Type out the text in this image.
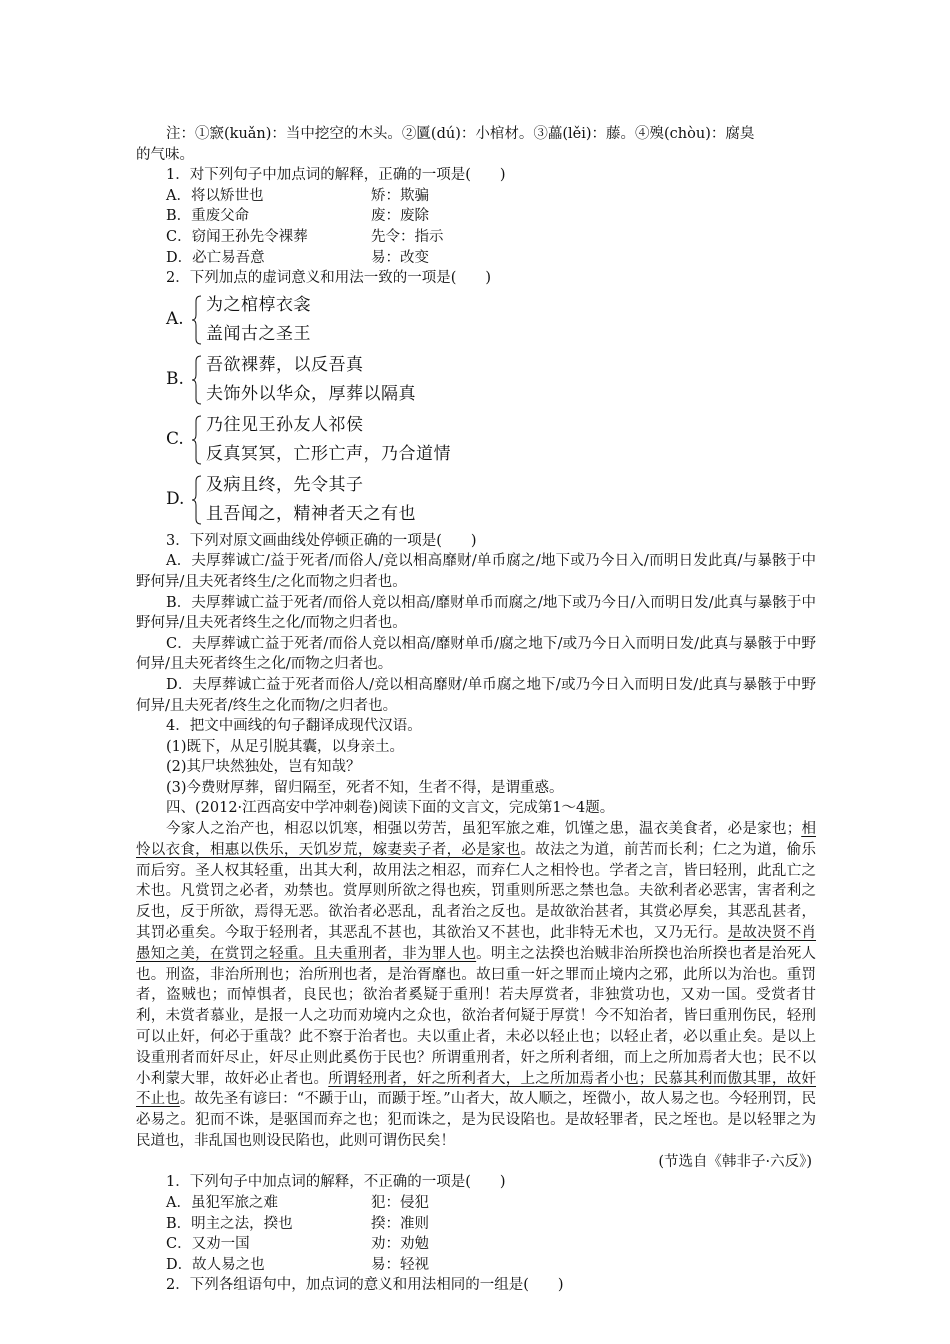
注：①窾(kuǎn)：当中挖空的木头。②匵(dú)：小棺材。③藟(lěi)：藤。④殠(chòu)：腐臭

的气味。

1．对下列句子中加点词的解释，正确的一项是(　　)

A．将以矫世也	矫：欺骗
B．重废父命	废：废除
C．窃闻王孙先令裸葬	先令：指示
D．必亡易吾意	易：改变

2．下列加点的虚词意义和用法一致的一项是(　　)

A.
为之棺椁衣衾
盖闻古之圣王
B.
吾欲裸葬，以反吾真
夫饰外以华众，厚葬以隔真
C.
乃往见王孙友人祁侯
反真冥冥，亡形亡声，乃合道情
D.
及病且终，先令其子
且吾闻之，精神者天之有也

3．下列对原文画曲线处停顿正确的一项是(　　)

A．夫厚葬诚亡/益于死者/而俗人/竞以相高靡财/单币腐之/地下或乃今日入/而明日发此真/与暴骸于中野何异/且夫死者终生/之化而物之归者也。

B．夫厚葬诚亡益于死者/而俗人竞以相高/靡财单币而腐之/地下或乃今日/入而明日发/此真与暴骸于中野何异/且夫死者终生之化/而物之归者也。

C．夫厚葬诚亡益于死者/而俗人竞以相高/靡财单币/腐之地下/或乃今日入而明日发/此真与暴骸于中野何异/且夫死者终生之化/而物之归者也。

D．夫厚葬诚亡益于死者而俗人/竞以相高靡财/单币腐之地下/或乃今日入而明日发/此真与暴骸于中野何异/且夫死者/终生之化而物/之归者也。

4．把文中画线的句子翻译成现代汉语。

(1)既下，从足引脱其囊，以身亲土。

(2)其尸块然独处，岂有知哉？

(3)今费财厚葬，留归隔至，死者不知，生者不得，是谓重惑。

四、(2012·江西高安中学冲刺卷)阅读下面的文言文，完成第1～4题。

今家人之治产也，相忍以饥寒，相强以劳苦，虽犯军旅之难，饥馑之患，温衣美食者，必是家也；相怜以衣食，相惠以佚乐，天饥岁荒，嫁妻卖子者，必是家也。故法之为道，前苦而长利；仁之为道，偷乐而后穷。圣人权其轻重，出其大利，故用法之相忍，而弃仁人之相怜也。学者之言，皆曰轻刑，此乱亡之术也。凡赏罚之必者，劝禁也。赏厚则所欲之得也疾，罚重则所恶之禁也急。夫欲利者必恶害，害者利之反也，反于所欲，焉得无恶。欲治者必恶乱，乱者治之反也。是故欲治甚者，其赏必厚矣，其恶乱甚者，其罚必重矣。今取于轻刑者，其恶乱不甚也，其欲治又不甚也，此非特无术也，又乃无行。是故决贤不肖愚知之美，在赏罚之轻重。且夫重刑者，非为罪人也。明主之法揆也治贼非治所揆也治所揆也者是治死人也。刑盗，非治所刑也；治所刑也者，是治胥靡也。故曰重一奸之罪而止境内之邪，此所以为治也。重罚者，盗贼也；而悼惧者，良民也；欲治者奚疑于重刑！若夫厚赏者，非独赏功也，又劝一国。受赏者甘利，未赏者慕业，是报一人之功而劝境内之众也，欲治者何疑于厚赏！今不知治者，皆曰重刑伤民，轻刑可以止奸，何必于重哉？此不察于治者也。夫以重止者，未必以轻止也；以轻止者，必以重止矣。是以上设重刑者而奸尽止，奸尽止则此奚伤于民也？所谓重刑者，奸之所利者细，而上之所加焉者大也；民不以小利蒙大罪，故奸必止者也。所谓轻刑者，奸之所利者大，上之所加焉者小也；民慕其利而傲其罪，故奸不止也。故先圣有谚曰：“不踬于山，而踬于垤。”山者大，故人顺之，垤微小，故人易之也。今轻刑罚，民必易之。犯而不诛，是驱国而弃之也；犯而诛之，是为民设陷也。是故轻罪者，民之垤也。是以轻罪之为民道也，非乱国也则设民陷也，此则可谓伤民矣！

(节选自《韩非子·六反》)

1．下列句子中加点词的解释，不正确的一项是(　　)

A．虽犯军旅之难	犯：侵犯
B．明主之法，揆也	揆：准则
C．又劝一国	劝：劝勉
D．故人易之也	易：轻视

2．下列各组语句中，加点词的意义和用法相同的一组是(　　)
